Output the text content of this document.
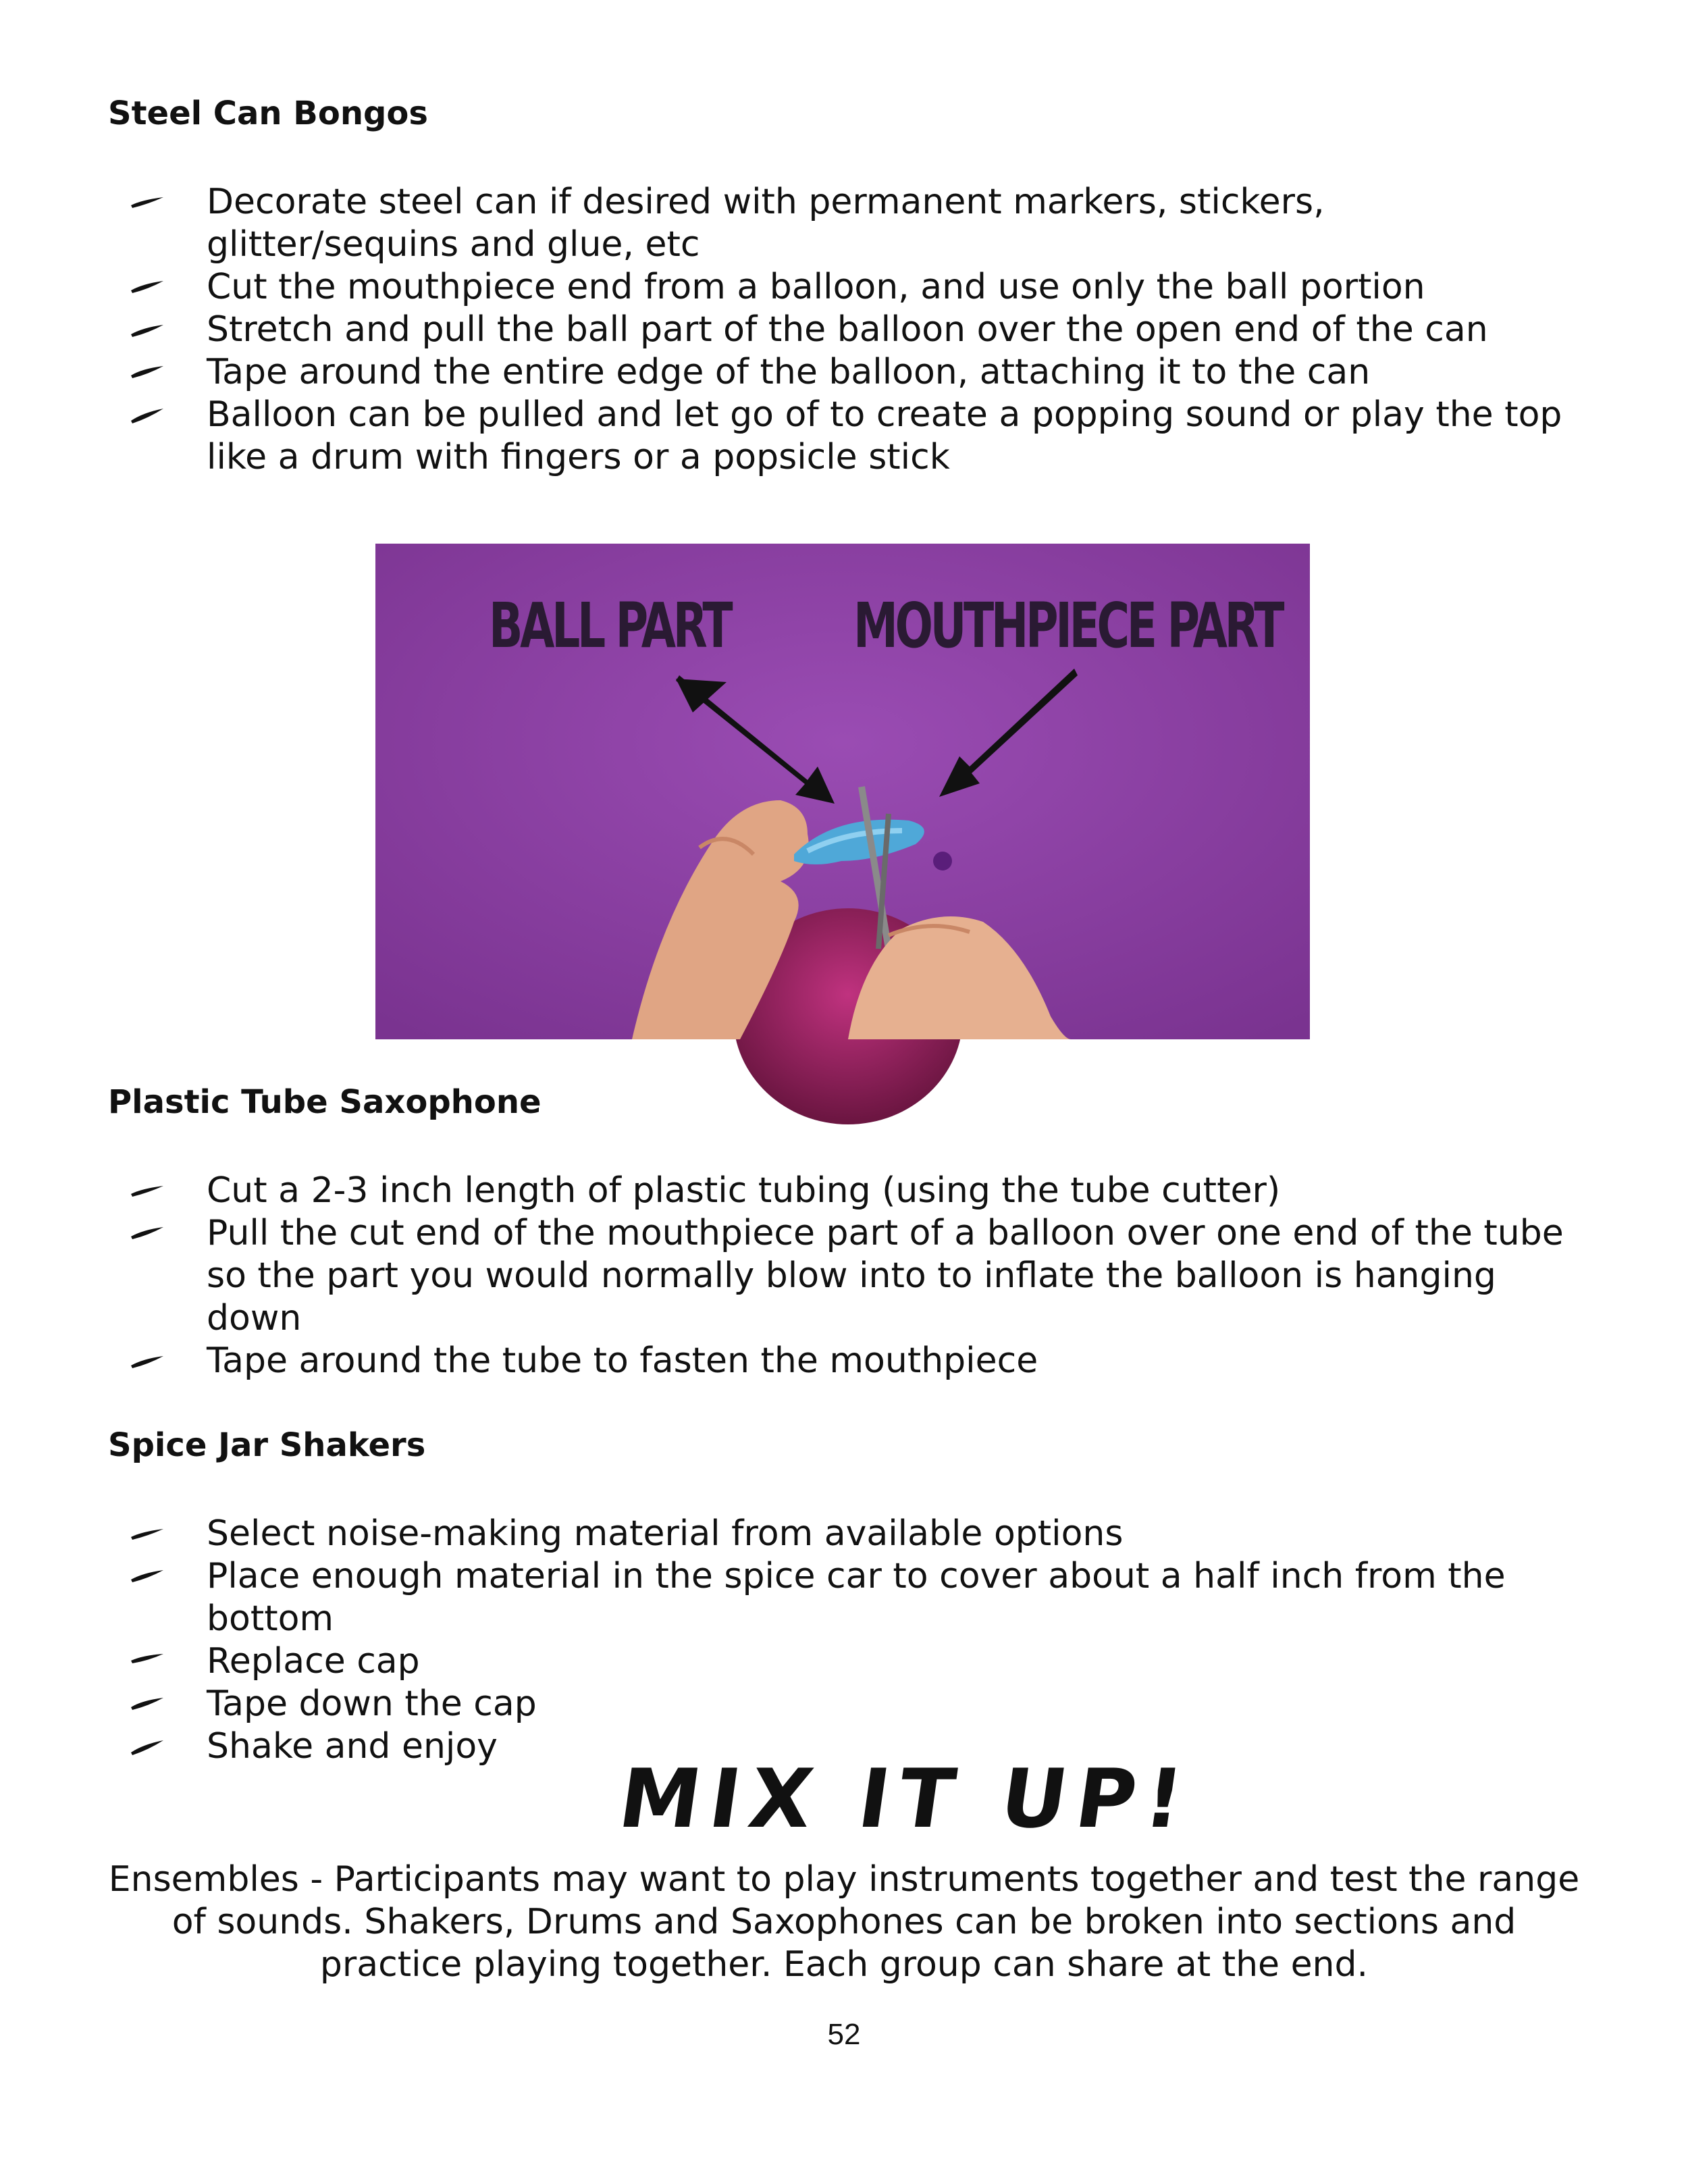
Steel Can Bongos
Decorate steel can if desired with permanent markers, stickers, glitter/sequins and glue, etc
Cut the mouthpiece end from a balloon, and use only the ball portion
Stretch and pull the ball part of the balloon over the open end of the can
Tape around the entire edge of the balloon, attaching it to the can
Balloon can be pulled and let go of to create a popping sound or play the top like a drum with fingers or a popsicle stick
BALL PART MOUTHPIECE PART
Plastic Tube Saxophone
Cut a 2-3 inch length of plastic tubing (using the tube cutter)
Pull the cut end of the mouthpiece part of a balloon over one end of the tube so the part you would normally blow into to inflate the balloon is hanging down
Tape around the tube to fasten the mouthpiece
Spice Jar Shakers
Select noise-making material from available options
Place enough material in the spice car to cover about a half inch from the bottom
Replace cap
Tape down the cap
Shake and enjoy
MIX IT UP!

Ensembles - Participants may want to play instruments together and test the range of sounds. Shakers, Drums and Saxophones can be broken into sections and practice playing together. Each group can share at the end.

52
